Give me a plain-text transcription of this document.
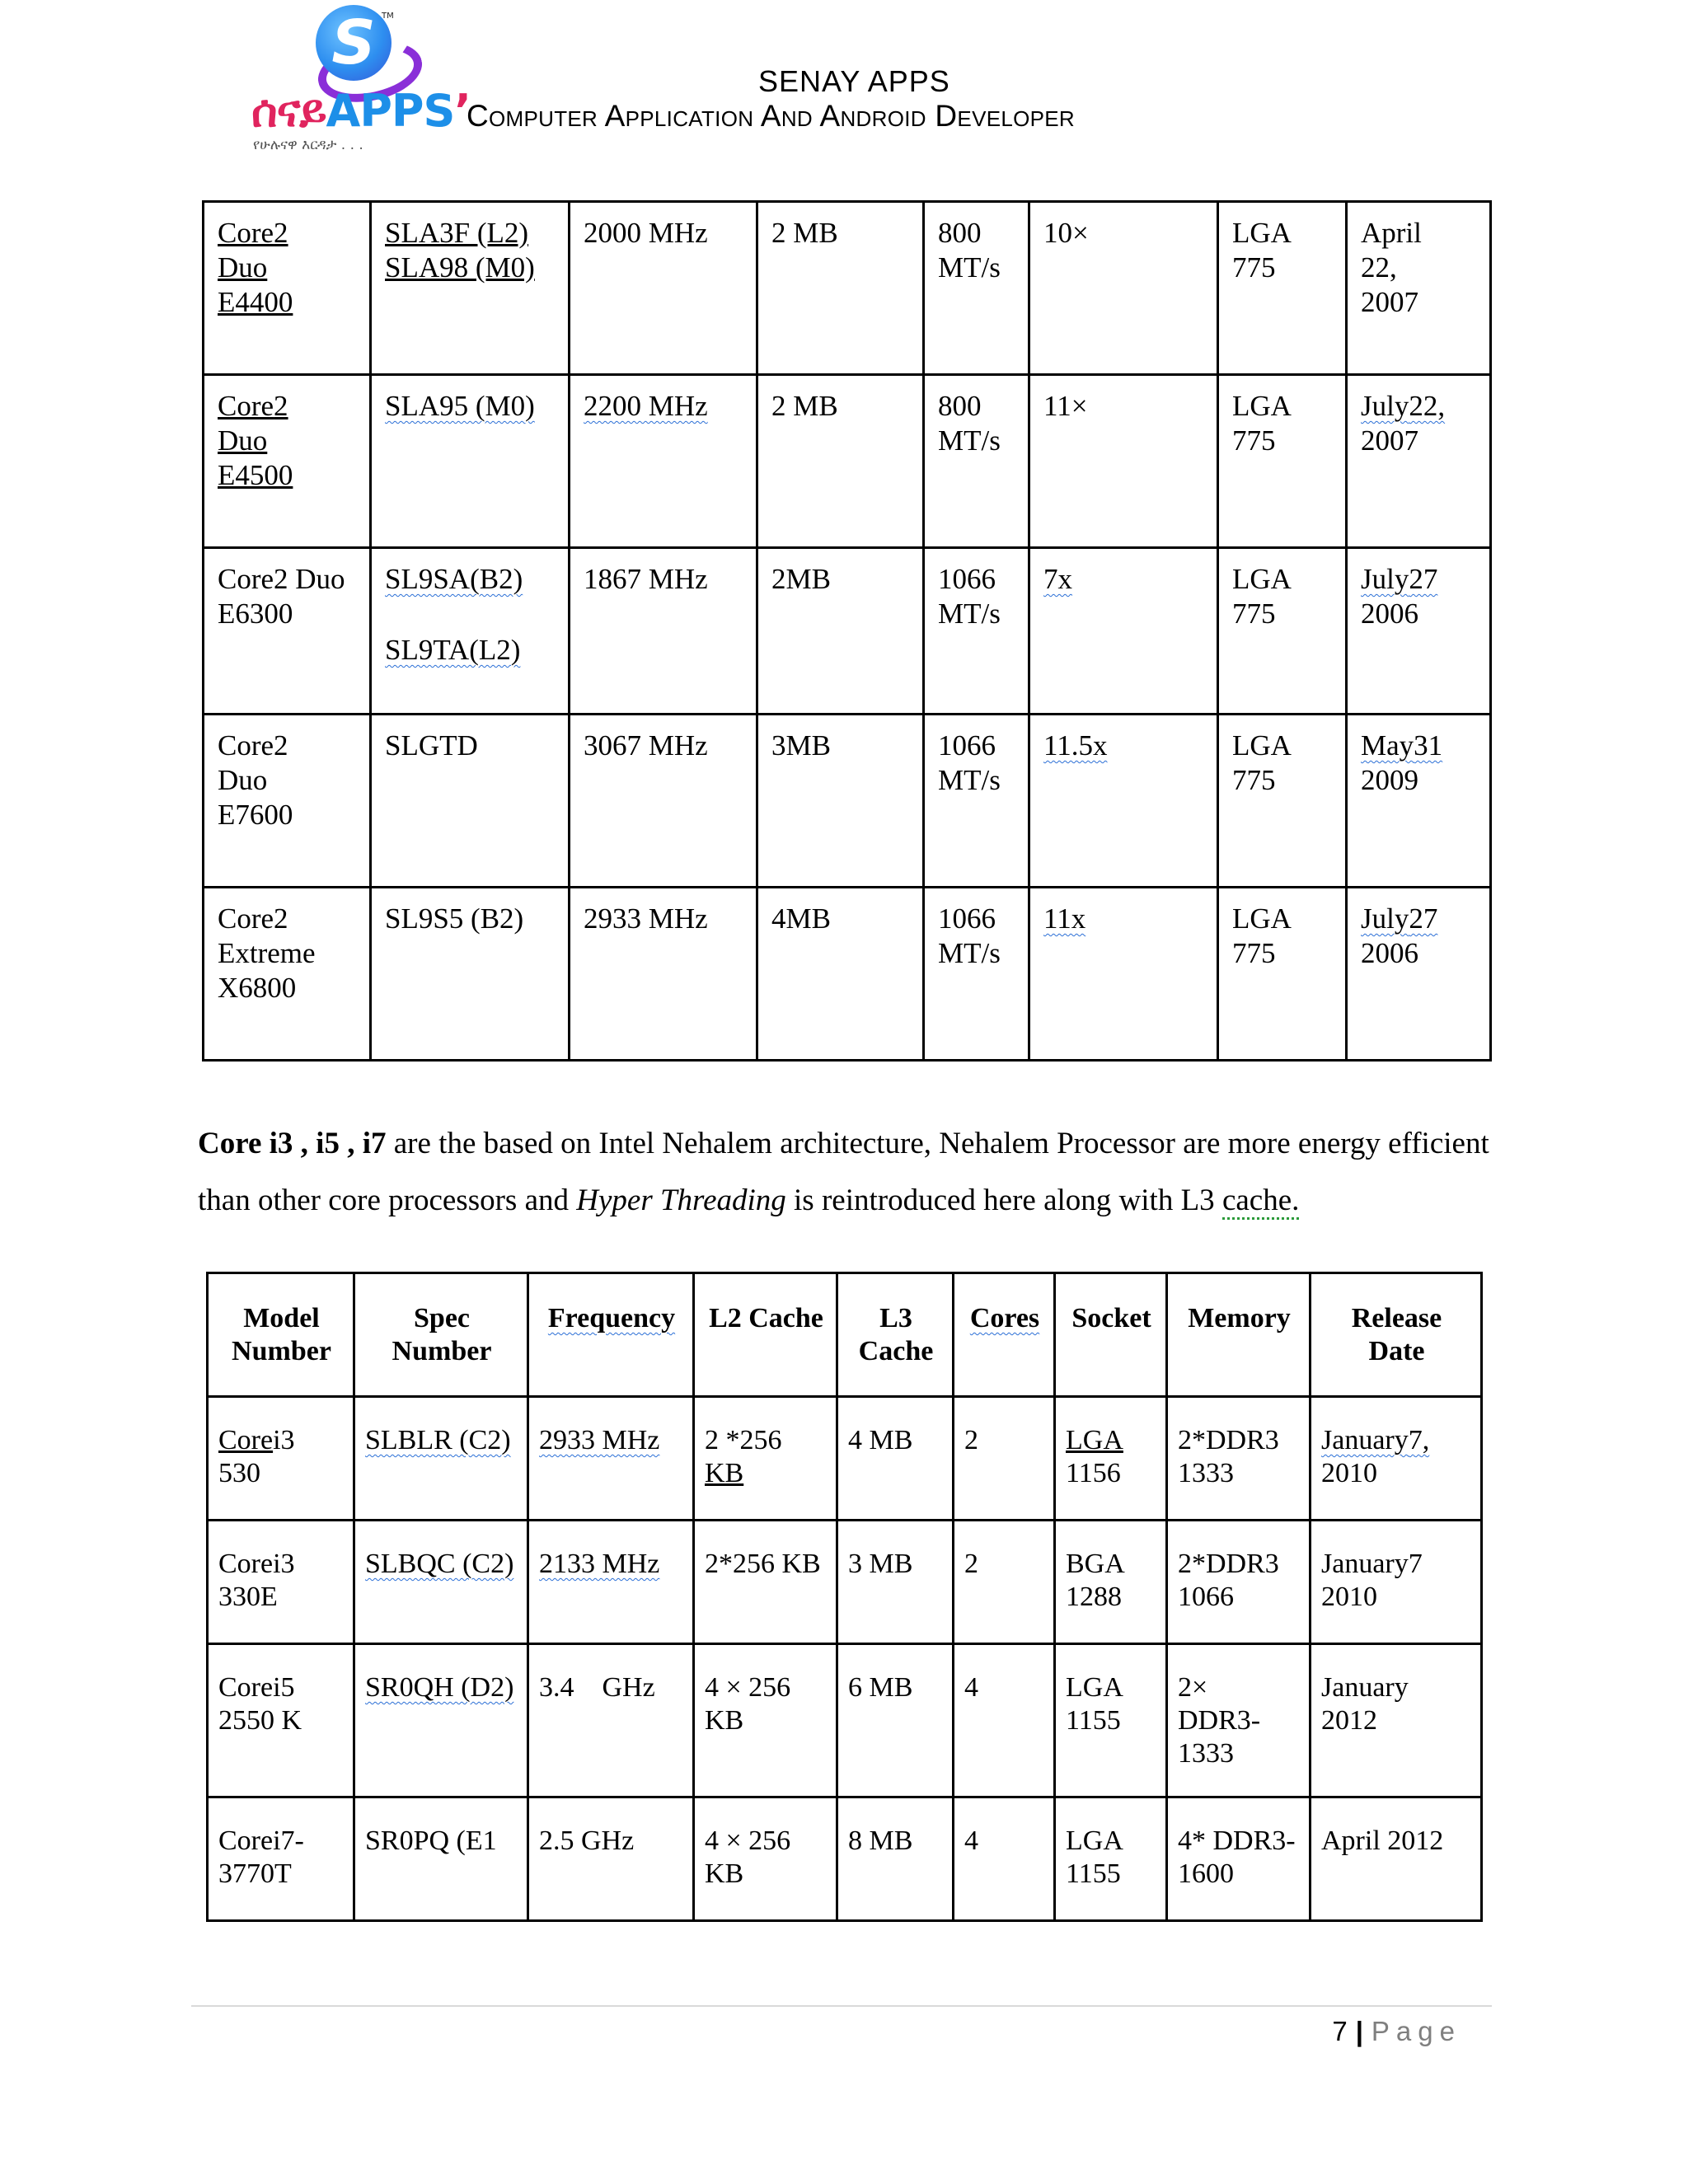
S TM
ሰናይAPPS’
የሁሉናዋ እርዳታ . . .
SENAY APPS
Computer Application And Android Developer
Core2
Duo
E4400	SLA3F (L2)
SLA98 (M0)	2000 MHz	2 MB	800
MT/s	10×	LGA
775	April
22,
2007

Core2
Duo
E4500	SLA95 (M0)	2200 MHz	2 MB	800
MT/s	11×	LGA
775	July22,
2007

Core2 Duo
E6300	SL9SA(B2)
SL9TA(L2)	1867 MHz	2MB	1066
MT/s	7x	LGA
775	July27
2006

Core2
Duo
E7600	SLGTD	3067 MHz	3MB	1066
MT/s	11.5x	LGA
775	May31
2009

Core2
Extreme
X6800	SL9S5 (B2)	2933 MHz	4MB	1066
MT/s	11x	LGA
775	July27
2006

Core i3 , i5 , i7 are the based on Intel Nehalem architecture, Nehalem Processor are more energy efficient than other core processors and Hyper Threading is reintroduced here along with L3 cache.

Model Number	Spec Number	Frequency	L2 Cache	L3 Cache	Cores	Socket	Memory	Release Date

Corei3
530	SLBLR (C2)	2933 MHz	2 *256
KB	4 MB	2	LGA
1156	2*DDR3
1333	January7,
2010

Corei3
330E	SLBQC (C2)	2133 MHz	2*256 KB	3 MB	2	BGA
1288	2*DDR3
1066	January7
2010

Corei5
2550 K	SR0QH (D2)	3.4    GHz	4 × 256
KB	6 MB	4	LGA
1155	2×
DDR3-
1333	January
2012

Corei7-
3770T	SR0PQ (E1	2.5 GHz	4 × 256
KB	8 MB	4	LGA
1155	4* DDR3-
1600	April 2012
7 | Page
